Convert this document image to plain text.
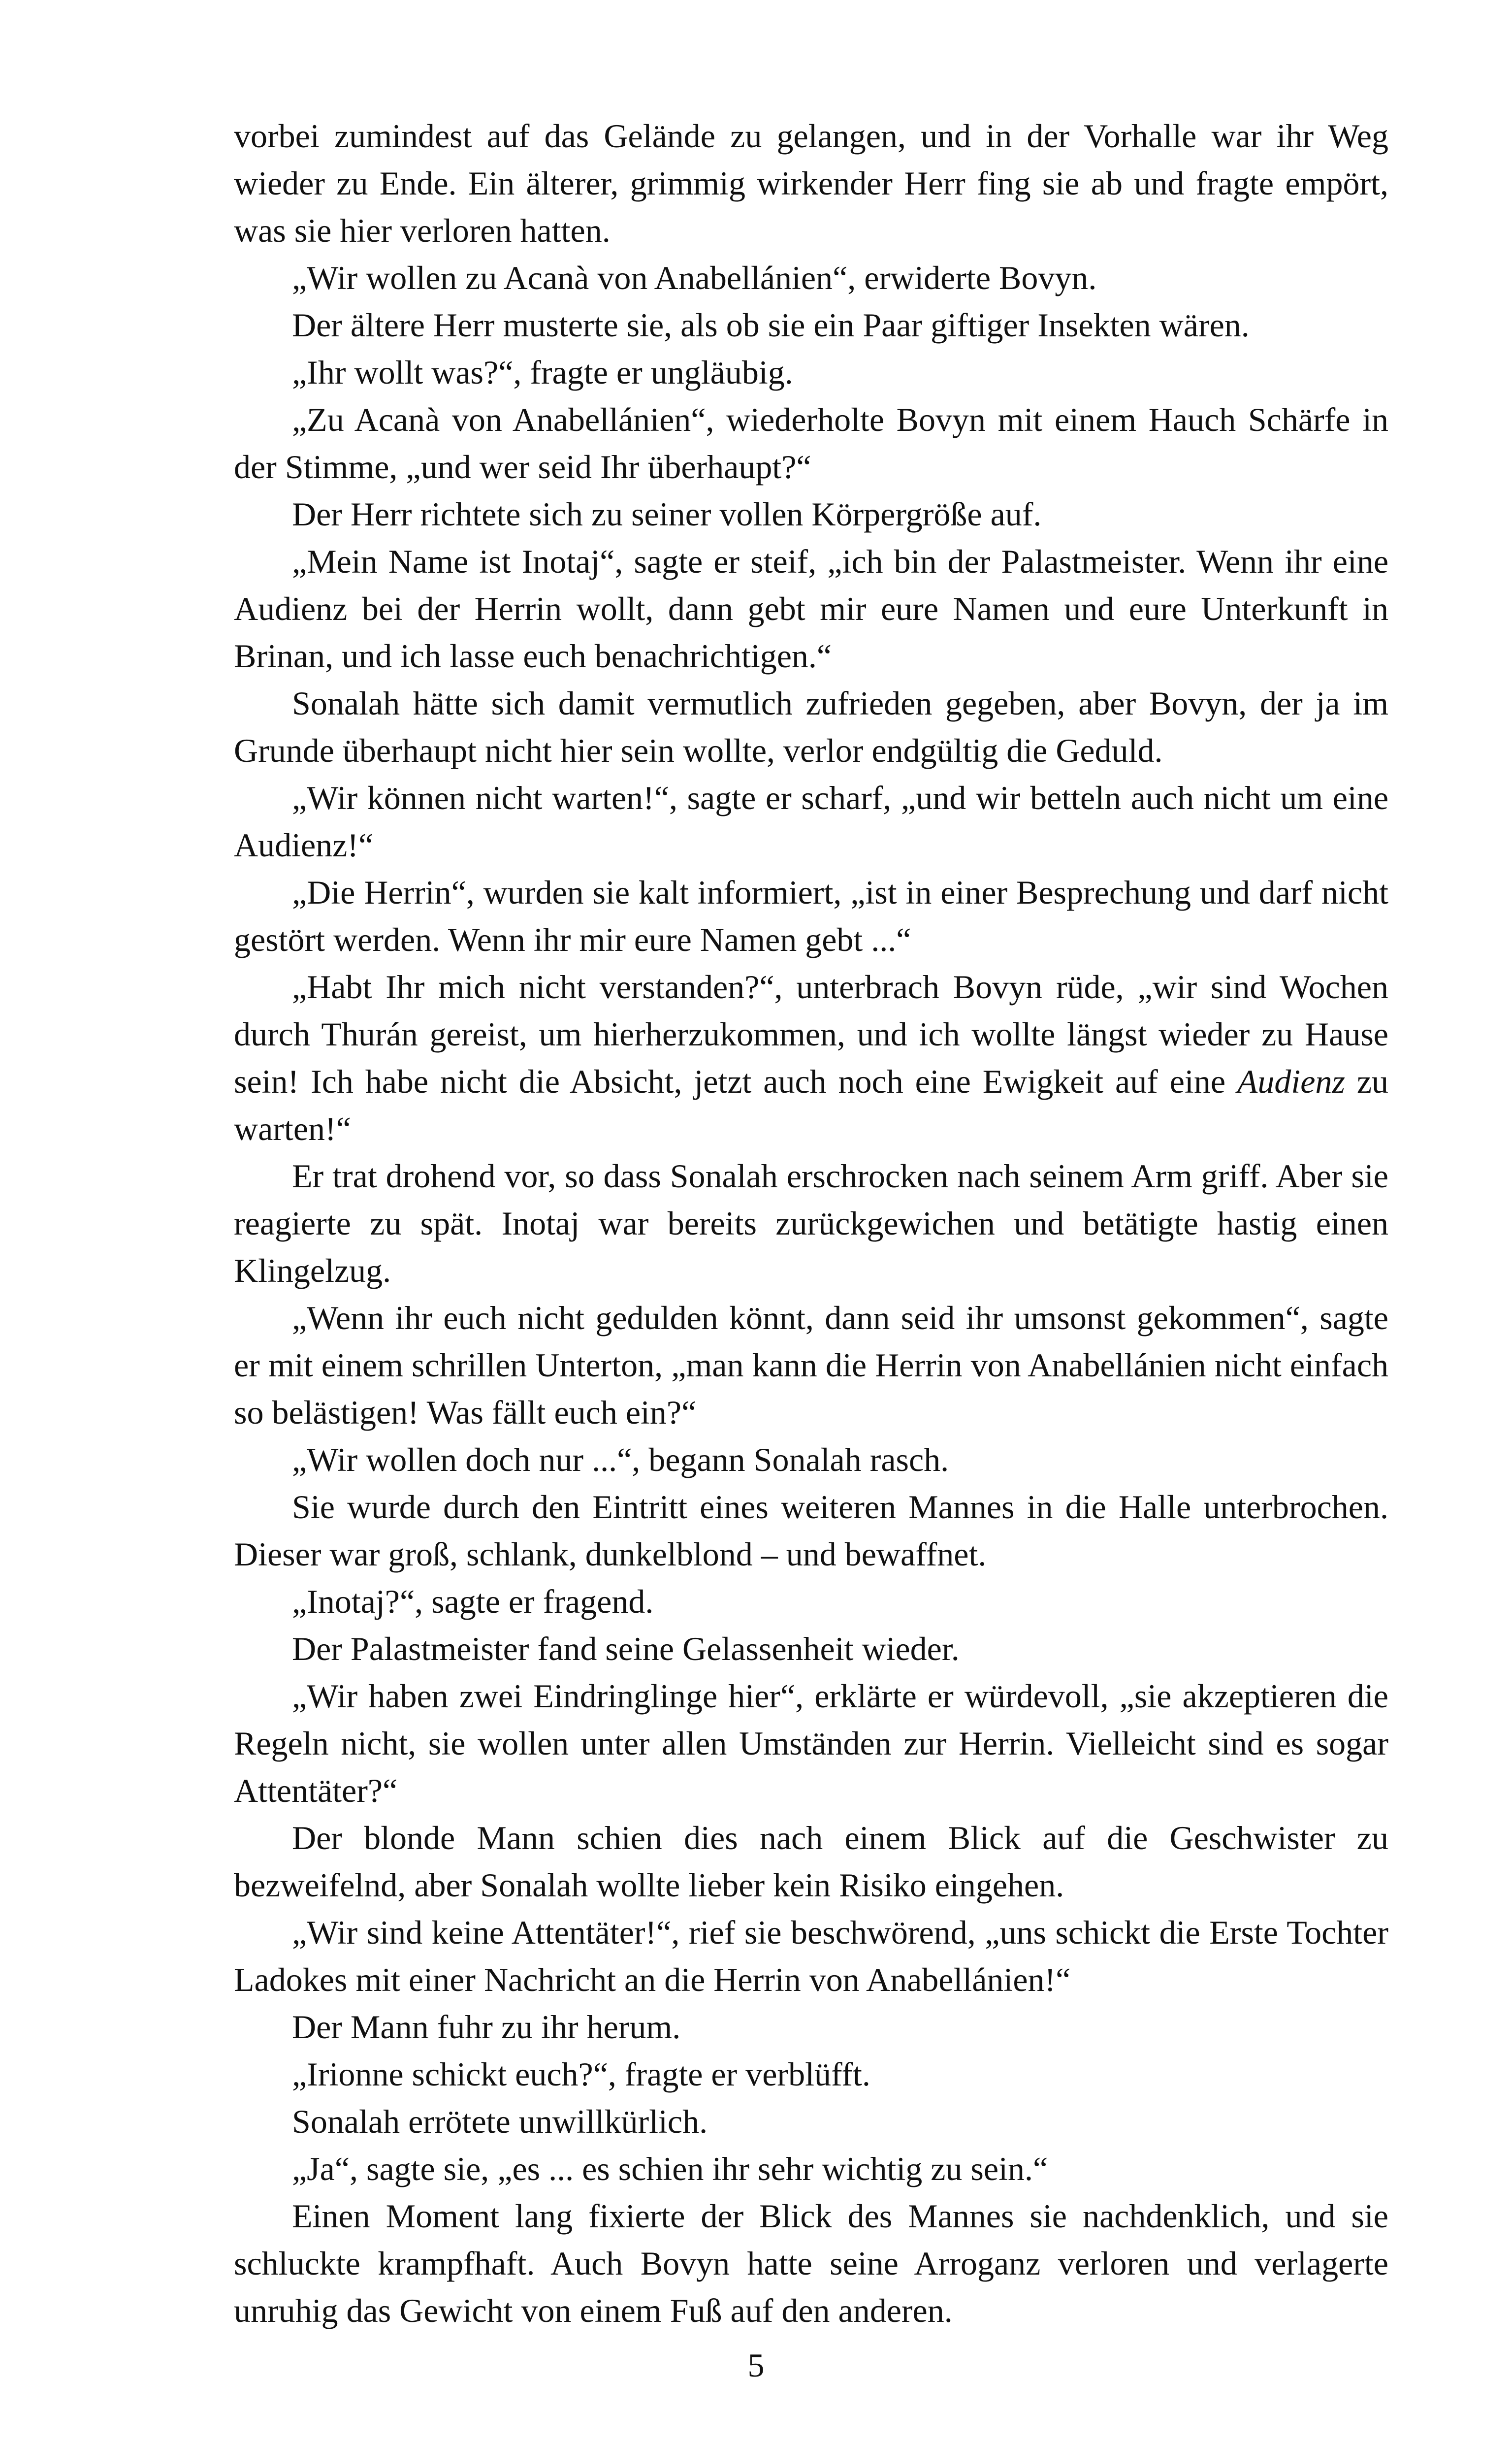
vorbei zumindest auf das Gelände zu gelangen, und in der Vorhalle war ihr Weg wieder zu Ende. Ein älterer, grimmig wirkender Herr fing sie ab und fragte empört, was sie hier verloren hatten.

„Wir wollen zu Acanà von Anabellánien“, erwiderte Bovyn.

Der ältere Herr musterte sie, als ob sie ein Paar giftiger Insekten wären.

„Ihr wollt was?“, fragte er ungläubig.

„Zu Acanà von Anabellánien“, wiederholte Bovyn mit einem Hauch Schärfe in der Stimme, „und wer seid Ihr überhaupt?“

Der Herr richtete sich zu seiner vollen Körpergröße auf.

„Mein Name ist Inotaj“, sagte er steif, „ich bin der Palastmeister. Wenn ihr eine Audienz bei der Herrin wollt, dann gebt mir eure Namen und eure Unterkunft in Brinan, und ich lasse euch benachrichtigen.“

Sonalah hätte sich damit vermutlich zufrieden gegeben, aber Bovyn, der ja im Grunde überhaupt nicht hier sein wollte, verlor endgültig die Geduld.

„Wir können nicht warten!“, sagte er scharf, „und wir betteln auch nicht um eine Audienz!“

„Die Herrin“, wurden sie kalt informiert, „ist in einer Besprechung und darf nicht gestört werden. Wenn ihr mir eure Namen gebt ...“

„Habt Ihr mich nicht verstanden?“, unterbrach Bovyn rüde, „wir sind Wochen durch Thurán gereist, um hierherzukommen, und ich wollte längst wieder zu Hause sein! Ich habe nicht die Absicht, jetzt auch noch eine Ewigkeit auf eine Audienz zu warten!“

Er trat drohend vor, so dass Sonalah erschrocken nach seinem Arm griff. Aber sie reagierte zu spät. Inotaj war bereits zurückgewichen und betätigte hastig einen Klingelzug.

„Wenn ihr euch nicht gedulden könnt, dann seid ihr umsonst gekommen“, sagte er mit einem schrillen Unterton, „man kann die Herrin von Anabellánien nicht einfach so belästigen! Was fällt euch ein?“

„Wir wollen doch nur ...“, begann Sonalah rasch.

Sie wurde durch den Eintritt eines weiteren Mannes in die Halle unterbrochen. Dieser war groß, schlank, dunkelblond – und bewaffnet.

„Inotaj?“, sagte er fragend.

Der Palastmeister fand seine Gelassenheit wieder.

„Wir haben zwei Eindringlinge hier“, erklärte er würdevoll, „sie akzeptieren die Regeln nicht, sie wollen unter allen Umständen zur Herrin. Vielleicht sind es sogar Attentäter?“

Der blonde Mann schien dies nach einem Blick auf die Geschwister zu bezweifelnd, aber Sonalah wollte lieber kein Risiko eingehen.

„Wir sind keine Attentäter!“, rief sie beschwörend, „uns schickt die Erste Tochter Ladokes mit einer Nachricht an die Herrin von Anabellánien!“

Der Mann fuhr zu ihr herum.

„Irionne schickt euch?“, fragte er verblüfft.

Sonalah errötete unwillkürlich.

„Ja“, sagte sie, „es ... es schien ihr sehr wichtig zu sein.“

Einen Moment lang fixierte der Blick des Mannes sie nachdenklich, und sie schluckte krampfhaft. Auch Bovyn hatte seine Arroganz verloren und verlagerte unruhig das Gewicht von einem Fuß auf den anderen.

5
